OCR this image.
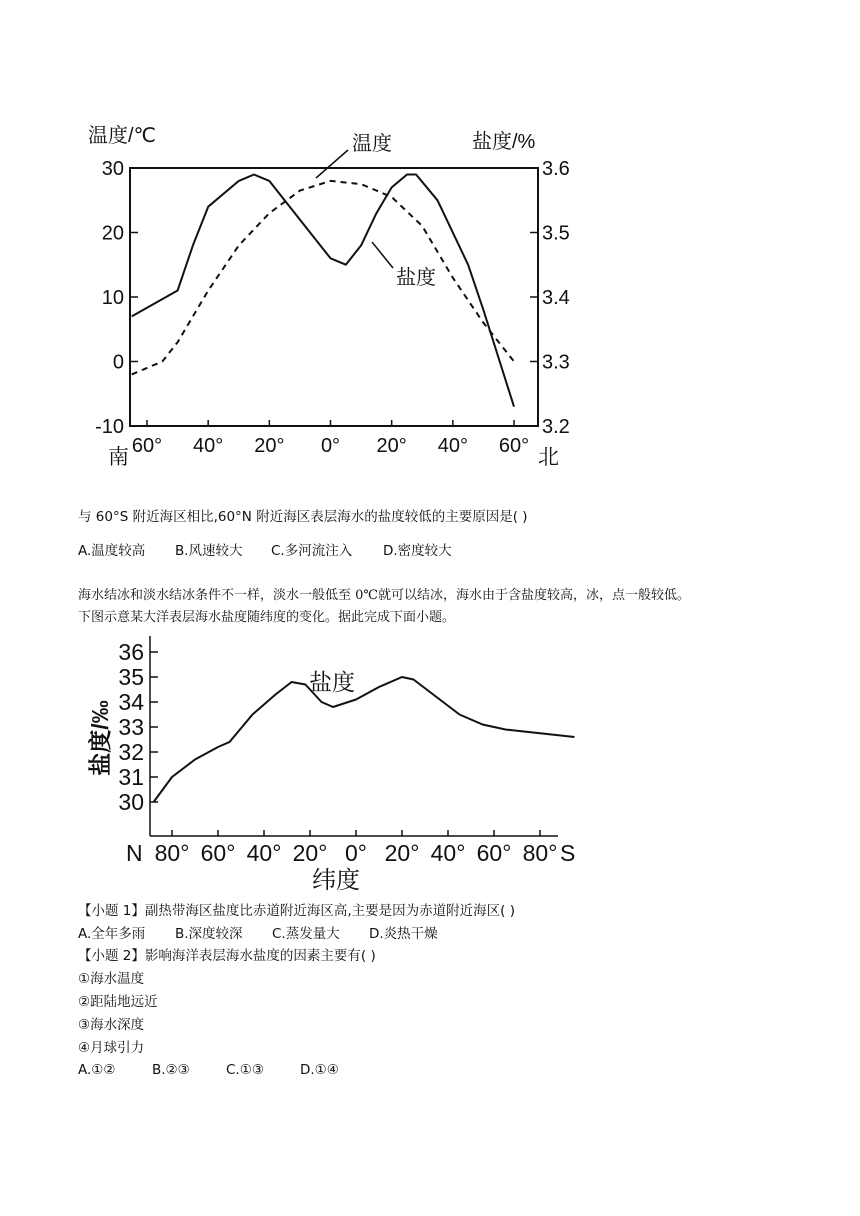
温度/℃	盐度/%
南	北
温度
盐度
30
20
10
0
-10
3.6
3.5
3.4
3.3
3.2
60° 40° 20° 0° 20° 40° 60°
与 60°S 附近海区相比,60°N 附近海区表层海水的盐度较低的主要原因是( )
A.温度较高 B.风速较大 C.多河流注入 D.密度较大
海水结冰和淡水结冰条件不一样，淡水一般低至 0℃就可以结冰，海水由于含盐度较高，冰，点一般较低。
下图示意某大洋表层海水盐度随纬度的变化。据此完成下面小题。
盐度
盐度/‰
N	S
纬度
36
35
34
33
32
31
30
80° 60° 40° 20° 0° 20° 40° 60° 80°
【小题 1】副热带海区盐度比赤道附近海区高,主要是因为赤道附近海区( )
A.全年多雨 B.深度较深 C.蒸发量大 D.炎热干燥
【小题 2】影响海洋表层海水盐度的因素主要有( )
①海水温度
②距陆地远近
③海水深度
④月球引力
A.①②	B.②③	C.①③	D.①④
